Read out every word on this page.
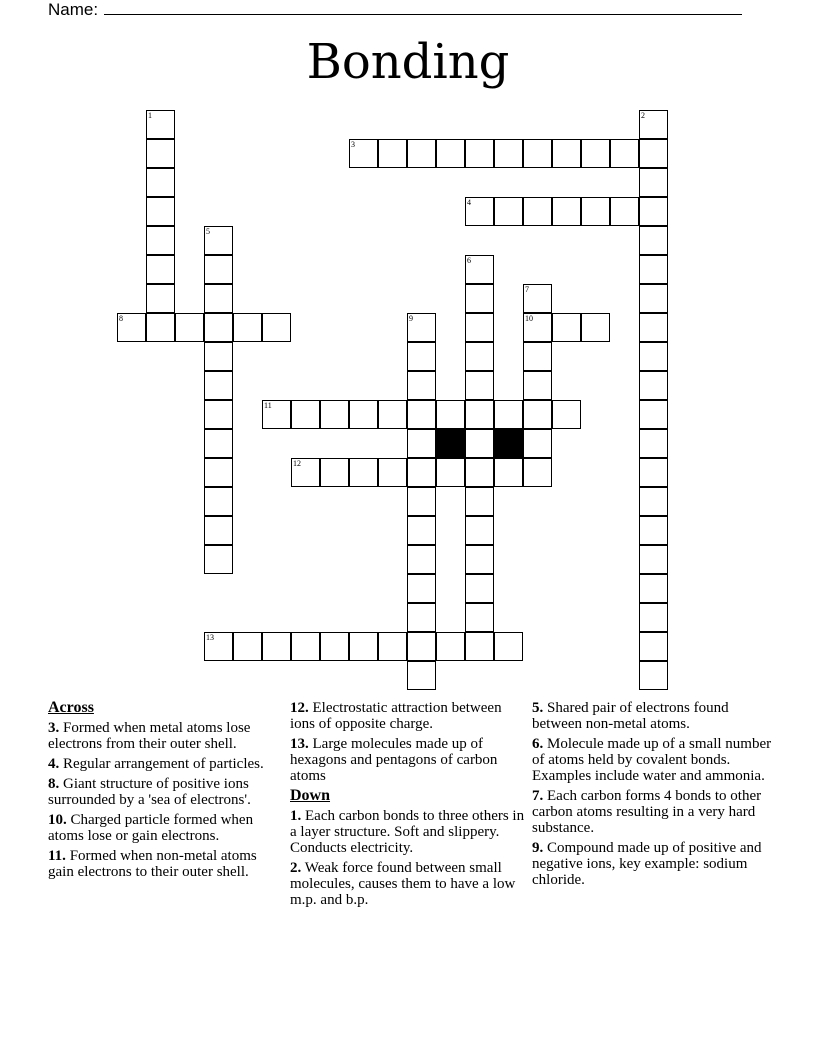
Name:
Bonding
3
4
8	10
11
12
13
1	2
5
6
7
9
Across
3. Formed when metal atoms lose electrons from their outer shell.
4. Regular arrangement of particles.
8. Giant structure of positive ions surrounded by a 'sea of electrons'.
10. Charged particle formed when atoms lose or gain electrons.
11. Formed when non-metal atoms gain electrons to their outer shell.
12. Electrostatic attraction between ions of opposite charge.
13. Large molecules made up of hexagons and pentagons of carbon atoms
Down
1. Each carbon bonds to three others in a layer structure. Soft and slippery. Conducts electricity.
2. Weak force found between small molecules, causes them to have a low m.p. and b.p.
5. Shared pair of electrons found between non-metal atoms.
6. Molecule made up of a small number of atoms held by covalent bonds. Examples include water and ammonia.
7. Each carbon forms 4 bonds to other carbon atoms resulting in a very hard substance.
9. Compound made up of positive and negative ions, key example: sodium chloride.
